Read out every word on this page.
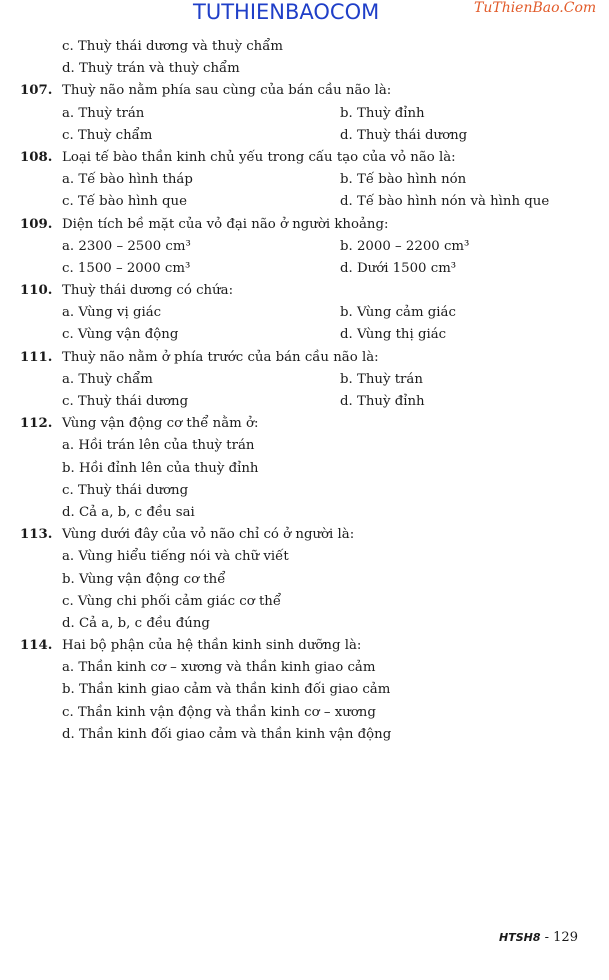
TUTHIENBAOCOM	TuThienBao.Com
c. Thuỳ thái dương và thuỳ chẩm
d. Thuỳ trán và thuỳ chẩm
107. Thuỳ não nằm phía sau cùng của bán cầu não là:
a. Thuỳ trán	b. Thuỳ đỉnh
c. Thuỳ chẩm	d. Thuỳ thái dương
108. Loại tế bào thần kinh chủ yếu trong cấu tạo của vỏ não là:
a. Tế bào hình tháp	b. Tế bào hình nón
c. Tế bào hình que	d. Tế bào hình nón và hình que
109. Diện tích bề mặt của vỏ đại não ở người khoảng:
a. 2300 – 2500 cm³	b. 2000 – 2200 cm³
c. 1500 – 2000 cm³	d. Dưới 1500 cm³
110. Thuỳ thái dương có chứa:
a. Vùng vị giác	b. Vùng cảm giác
c. Vùng vận động	d. Vùng thị giác
111. Thuỳ não nằm ở phía trước của bán cầu não là:
a. Thuỳ chẩm	b. Thuỳ trán
c. Thuỳ thái dương	d. Thuỳ đỉnh
112. Vùng vận động cơ thể nằm ở:
a. Hồi trán lên của thuỳ trán
b. Hồi đỉnh lên của thuỳ đỉnh
c. Thuỳ thái dương
d. Cả a, b, c đều sai
113. Vùng dưới đây của vỏ não chỉ có ở người là:
a. Vùng hiểu tiếng nói và chữ viết
b. Vùng vận động cơ thể
c. Vùng chi phối cảm giác cơ thể
d. Cả a, b, c đều đúng
114. Hai bộ phận của hệ thần kinh sinh dưỡng là:
a. Thần kinh cơ – xương và thần kinh giao cảm
b. Thần kinh giao cảm và thần kinh đối giao cảm
c. Thần kinh vận động và thần kinh cơ – xương
d. Thần kinh đối giao cảm và thần kinh vận động
HTSH8 - 129
